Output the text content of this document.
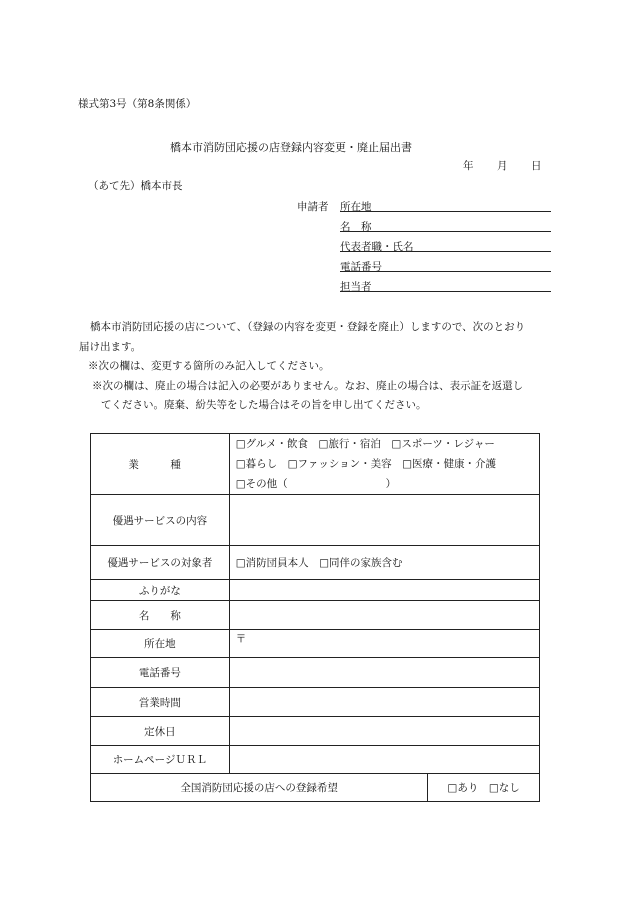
様式第3号（第8条関係）
橋本市消防団応援の店登録内容変更・廃止届出書
年 月 日
（あて先）橋本市長
申請者 所在地
名　称
代表者職・氏名
電話番号
担当者
橋本市消防団応援の店について、（登録の内容を変更・登録を廃止）しますので、次のとおり
届け出ます。
※次の欄は、変更する箇所のみ記入してください。
※次の欄は、廃止の場合は記入の必要がありません。なお、廃止の場合は、表示証を返還し
てください。廃棄、紛失等をした場合はその旨を申し出てください。
業　種	□グルメ・飲食　 □旅行・宿泊　 □スポーツ・レジャー
□暮らし　 □ファッション・美容　 □医療・健康・介護
□その他（ ）	
優遇サービスの内容		
優遇サービスの対象者	□消防団員本人　 □同伴の家族含む	
ふりがな		
名　　称		
所在地	〒	
電話番号		
営業時間		
定休日		
ホームページＵＲＬ		
全国消防団応援の店への登録希望		□あり　 □なし
